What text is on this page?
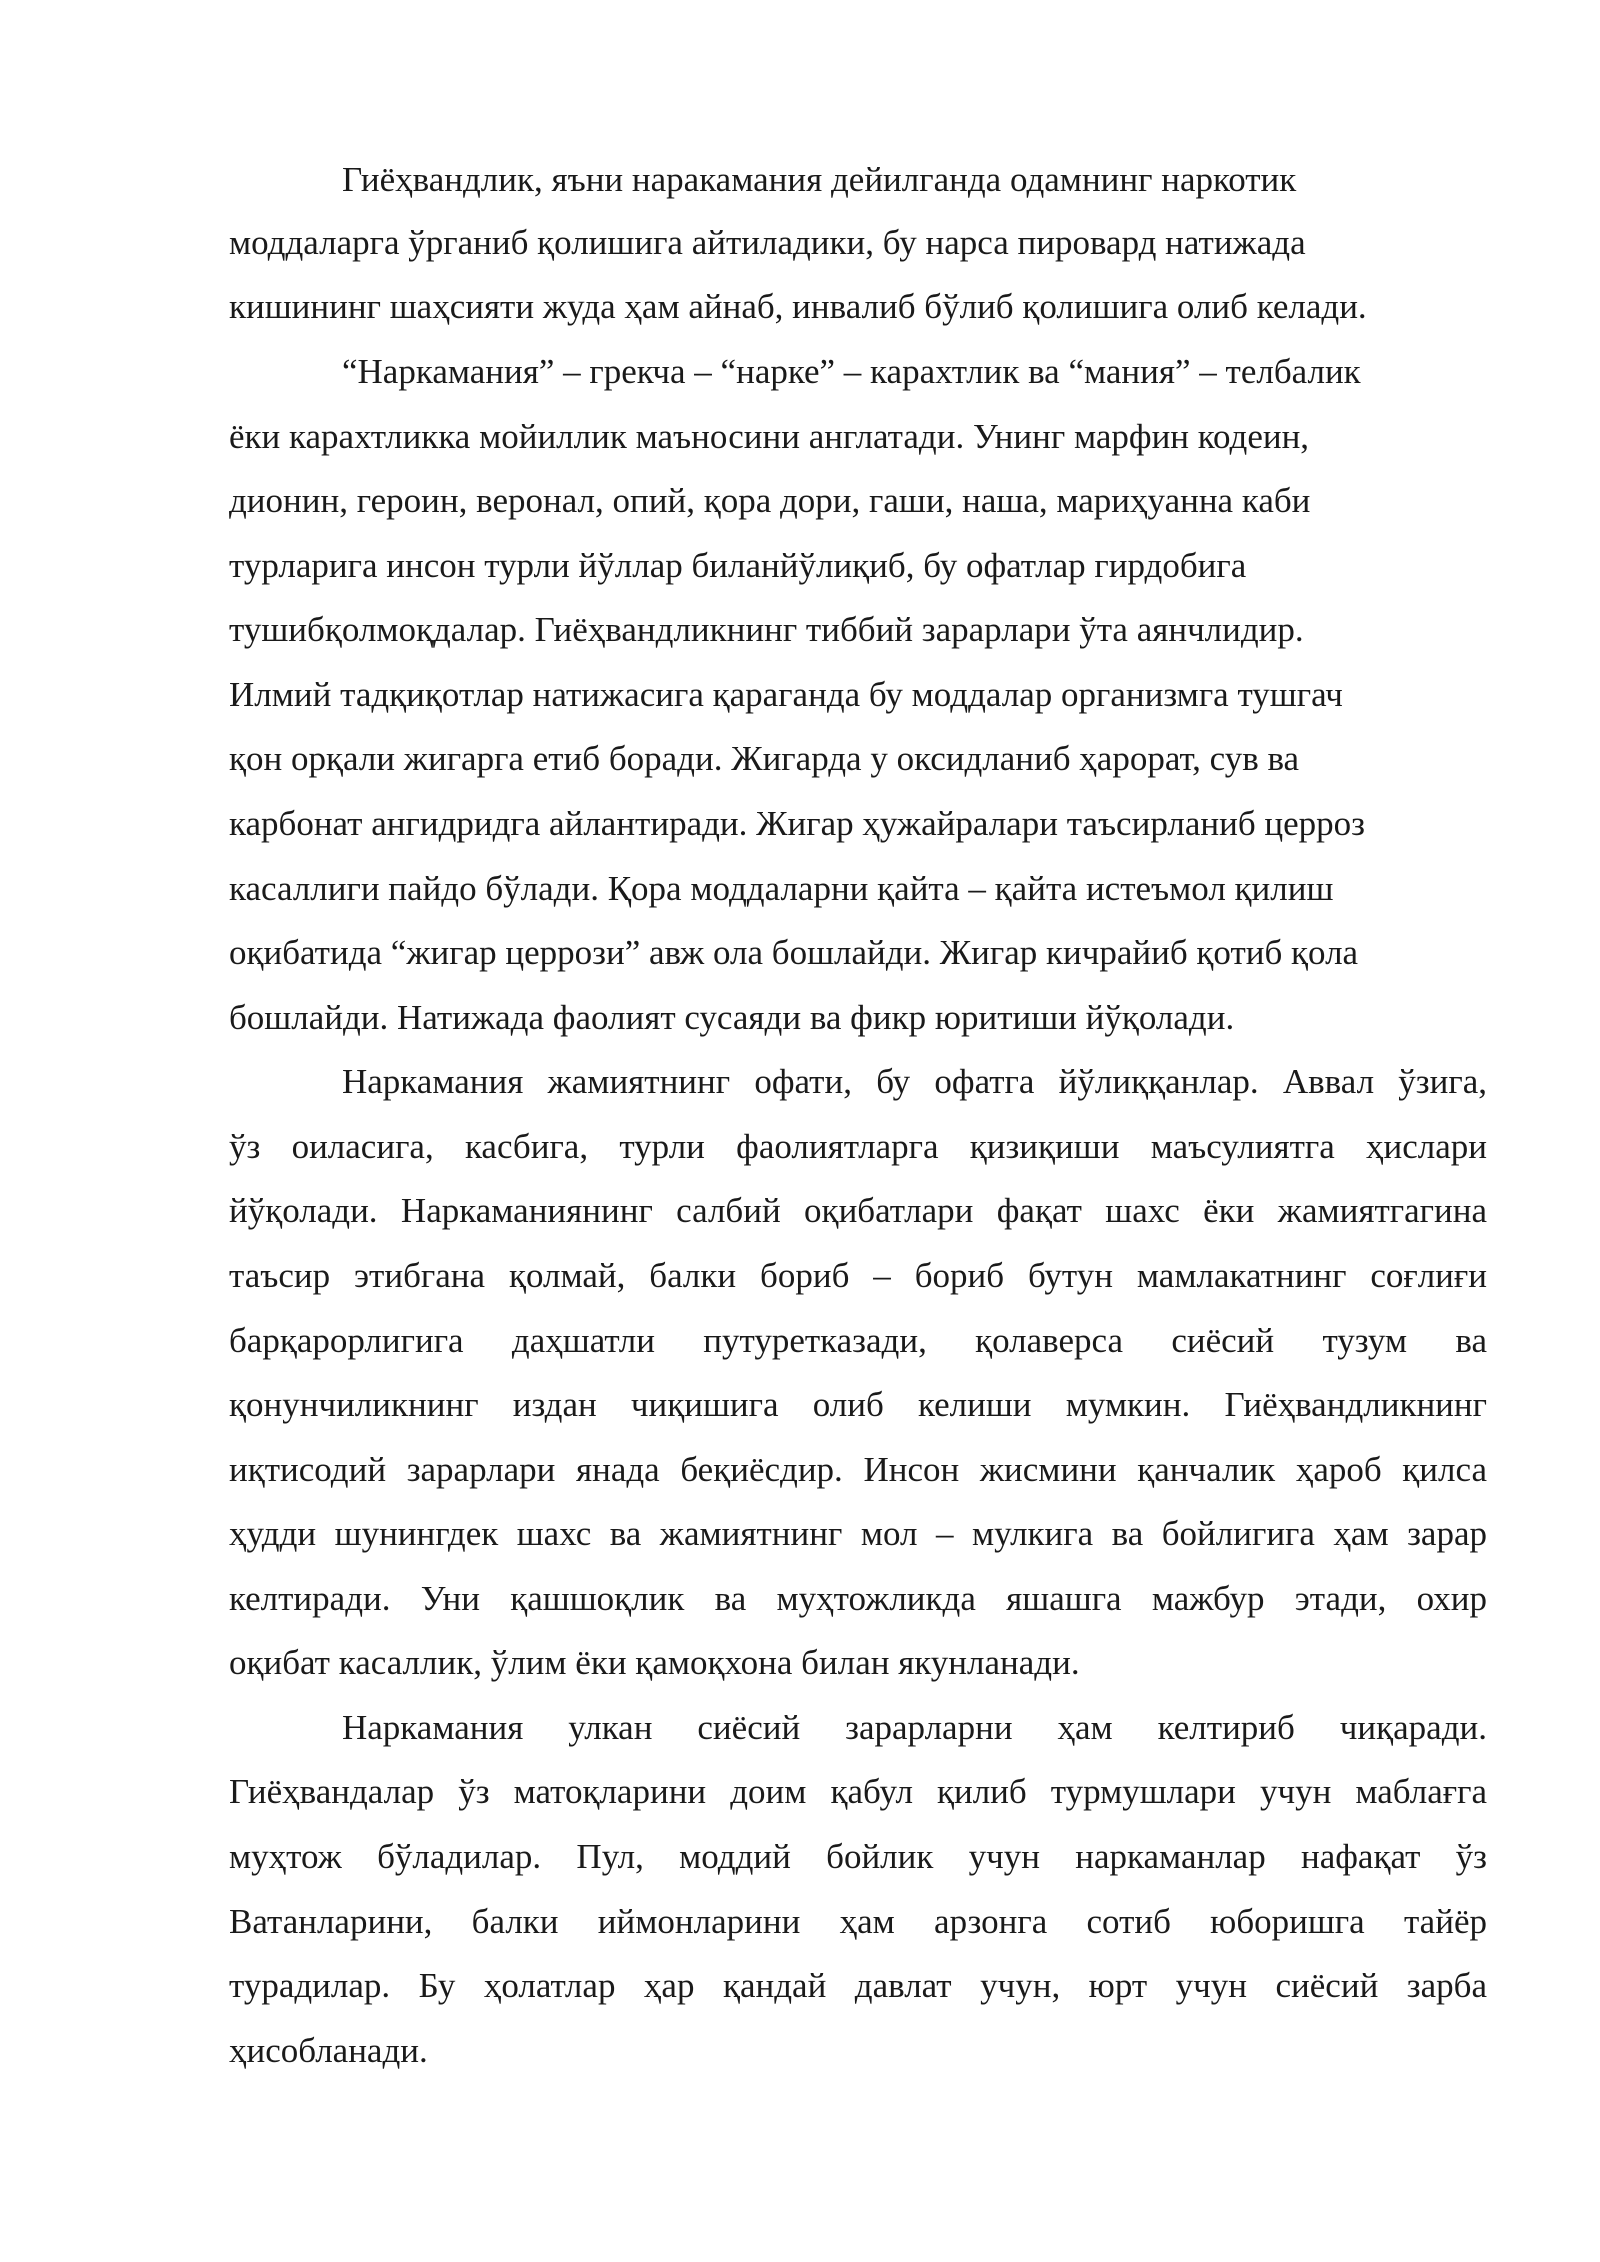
Гиёҳвандлик, яъни наракамания дейилганда одамнинг наркотик

моддаларга ўрганиб қолишига айтиладики, бу нарса пировард натижада

кишининг шаҳсияти жуда ҳам айнаб, инвалиб бўлиб қолишига олиб келади.

“Наркамания” – грекча – “нарке” – карахтлик ва “мания” – телбалик

ёки карахтликка мойиллик маъносини англатади. Унинг марфин кодеин,

дионин, героин, веронал, опий, қора дори, гаши, наша, мариҳуанна каби

турларига инсон турли йўллар биланйўлиқиб, бу офатлар гирдобига

тушибқолмоқдалар. Гиёҳвандликнинг тиббий зарарлари ўта аянчлидир.

Илмий тадқиқотлар натижасига қараганда бу моддалар организмга тушгач

қон орқали жигарга етиб боради. Жигарда у оксидланиб ҳарорат, сув ва

карбонат ангидридга айлантиради. Жигар ҳужайралари таъсирланиб церроз

касаллиги пайдо бўлади. Қора моддаларни қайта – қайта истеъмол қилиш

оқибатида “жигар церрози” авж ола бошлайди. Жигар кичрайиб қотиб қола

бошлайди. Натижада фаолият сусаяди ва фикр юритиши йўқолади.

Наркамания жамиятнинг офати, бу офатга йўлиққанлар. Аввал ўзига,

ўз оиласига, касбига, турли фаолиятларга қизиқиши маъсулиятга ҳислари

йўқолади. Наркаманиянинг салбий оқибатлари фақат шахс ёки жамиятгагина

таъсир этибгана қолмай, балки бориб – бориб бутун мамлакатнинг соғлиғи

барқарорлигига даҳшатли путуретказади, қолаверса сиёсий тузум ва

қонунчиликнинг издан чиқишига олиб келиши мумкин. Гиёҳвандликнинг

иқтисодий зарарлари янада беқиёсдир. Инсон жисмини қанчалик ҳароб қилса

ҳудди шунингдек шахс ва жамиятнинг мол – мулкига ва бойлигига ҳам зарар

келтиради. Уни қашшоқлик ва муҳтожликда яшашга мажбур этади, охир

оқибат касаллик, ўлим ёки қамоқхона билан якунланади.

Наркамания улкан сиёсий зарарларни ҳам келтириб чиқаради.

Гиёҳвандалар ўз матоқларини доим қабул қилиб турмушлари учун маблағга

муҳтож бўладилар. Пул, моддий бойлик учун наркаманлар нафақат ўз

Ватанларини, балки иймонларини ҳам арзонга сотиб юборишга тайёр

турадилар. Бу ҳолатлар ҳар қандай давлат учун, юрт учун сиёсий зарба

ҳисобланади.
